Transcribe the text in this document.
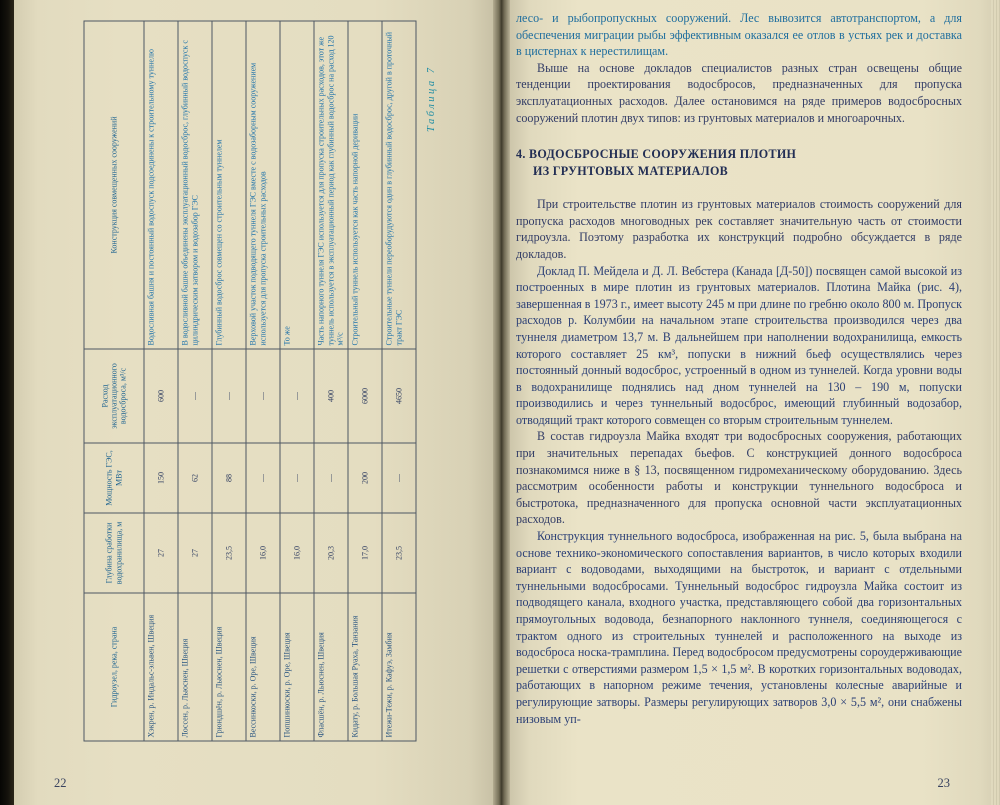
Таблица 7
Гидроузел, река, страна	Глубина сработки водохранилища, м	Мощность ГЭС, МВт	Расход эксплуатационного водосброса, м³/с	Конструкция совмещенных сооружений
Хэкрен, р. Индальс-эльвен, Швеция	27	150	600	Водосливная башня и постоянный водоспуск подсоединены к строительному туннелю
Лоссен, р. Льюснен, Швеция	27	62	—	В водосливной башне объединены эксплуатационный водосброс, глубинный водоспуск с цилиндрическим затвором и водозабор ГЭС
Грюндшён, р. Льюснен, Швеция	23,5	88	—	Глубинный водосброс совмещен со строительным туннелем
Вессинкоски, р. Оре, Швеция	16,0	—	—	Верховой участок подводящего туннеля ГЭС вместе с водозаборным сооружением используется для пропуска строительных расходов
Попшинкоски, р. Оре, Швеция	16,0	—	—	То же
Фласшён, р. Льюснен, Швеция	20,3	—	400	Часть напорного туннеля ГЭС используется для пропуска строительных расходов, этот же туннель используется в эксплуатационный период как глубинный водосброс на расход 120 м³/с
Кидату, р. Большая Руаха, Танзания	17,0	200	6000	Строительный туннель используется как часть напорной деривации
Итежи-Тежи, р. Кафуэ, Замбия	23,5	—	4650	Строительные туннели переоборудуются один в глубинный водосброс, другой в проточный тракт ГЭС
22

лесо- и рыбопропускных сооружений. Лес вывозится автотранспортом, а для обеспечения миграции рыбы эффективным оказался ее отлов в устьях рек и доставка в цистернах к нерестилищам.

Выше на основе докладов специалистов разных стран освещены общие тенденции проектирования водосбросов, предназначенных для пропуска эксплуатационных расходов. Далее остановимся на ряде примеров водосбросных сооружений плотин двух типов: из грунтовых материалов и многоарочных.

4. ВОДОСБРОСНЫЕ СООРУЖЕНИЯ ПЛОТИН
ИЗ ГРУНТОВЫХ МАТЕРИАЛОВ

При строительстве плотин из грунтовых материалов стоимость сооружений для пропуска расходов многоводных рек составляет значительную часть от стоимости гидроузла. Поэтому разработка их конструкций подробно обсуждается в ряде докладов.

Доклад П. Мейдела и Д. Л. Вебстера (Канада [Д-50]) посвящен самой высокой из построенных в мире плотин из грунтовых материалов. Плотина Майка (рис. 4), завершенная в 1973 г., имеет высоту 245 м при длине по гребню около 800 м. Пропуск расходов р. Колумбии на начальном этапе строительства производился через два туннеля диаметром 13,7 м. В дальнейшем при наполнении водохранилища, емкость которого составляет 25 км³, попуски в нижний бьеф осуществлялись через постоянный донный водосброс, устроенный в одном из туннелей. Когда уровни воды в водохранилище поднялись над дном туннелей на 130 – 190 м, попуски производились и через туннельный водосброс, имеющий глубинный водозабор, отводящий тракт которого совмещен со вторым строительным туннелем.

В состав гидроузла Майка входят три водосбросных сооружения, работающих при значительных перепадах бьефов. С конструкцией донного водосброса познакомимся ниже в § 13, посвященном гидромеханическому оборудованию. Здесь рассмотрим особенности работы и конструкции туннельного водосброса и быстротока, предназначенного для пропуска основной части эксплуатационных расходов.

Конструкция туннельного водосброса, изображенная на рис. 5, была выбрана на основе технико-экономического сопоставления вариантов, в число которых входили вариант с водоводами, выходящими на быстроток, и вариант с отдельными туннельными водосбросами. Туннельный водосброс гидроузла Майка состоит из подводящего канала, входного участка, представляющего собой два горизонтальных прямоугольных водовода, безнапорного наклонного туннеля, соединяющегося с трактом одного из строительных туннелей и расположенного на выходе из водосброса носка-трамплина. Перед водосбросом предусмотрены сороудерживающие решетки с отверстиями размером 1,5 × 1,5 м². В коротких горизонтальных водоводах, работающих в напорном режиме течения, установлены колесные аварийные и регулирующие затворы. Размеры регулирующих затворов 3,0 × 5,5 м², они снабжены низовым уп-

23
